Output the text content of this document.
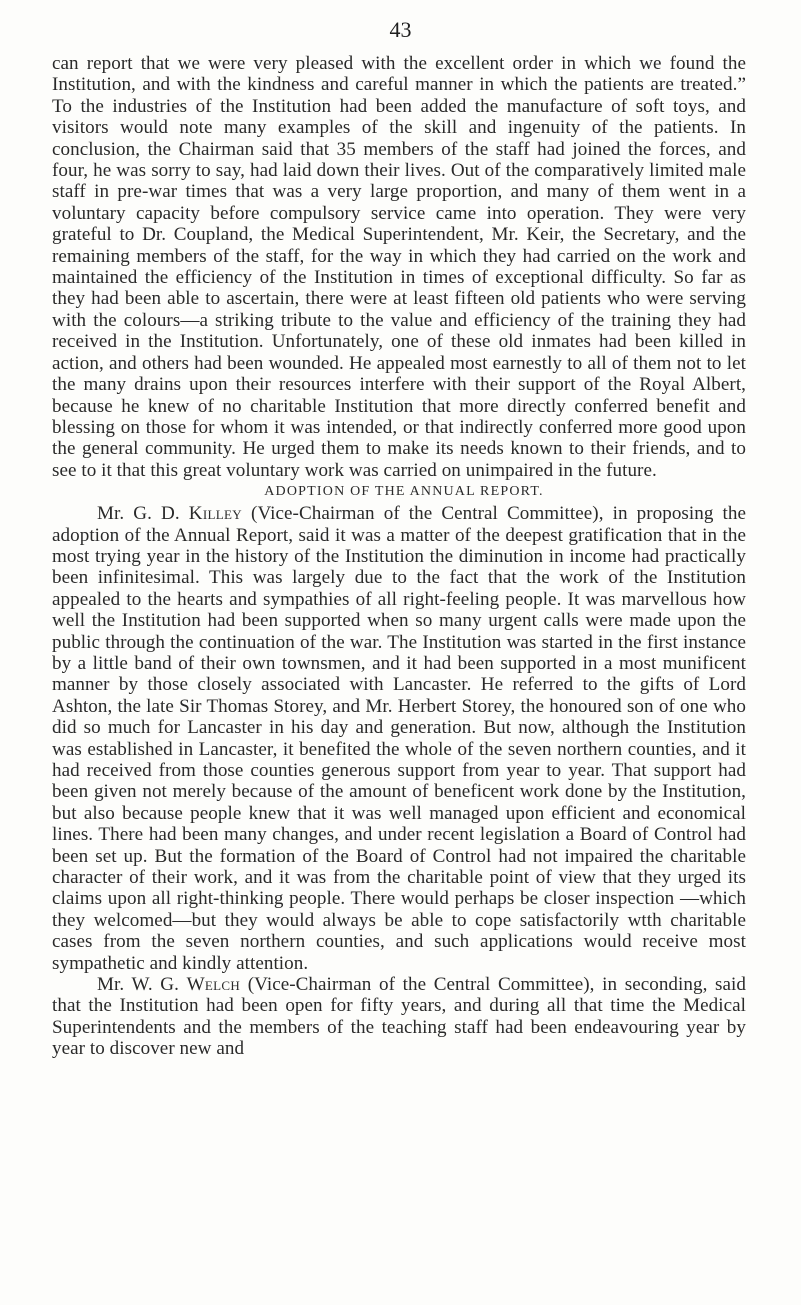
43

can report that we were very pleased with the excellent order in which we found the Institution, and with the kindness and careful manner in which the patients are treated.” To the industries of the Institution had been added the manufacture of soft toys, and visitors would note many examples of the skill and ingenuity of the patients. In conclusion, the Chairman said that 35 members of the staff had joined the forces, and four, he was sorry to say, had laid down their lives. Out of the comparatively limited male staff in pre-war times that was a very large proportion, and many of them went in a voluntary capacity before compulsory service came into operation. They were very grateful to Dr. Coupland, the Medical Superintendent, Mr. Keir, the Secretary, and the remaining members of the staff, for the way in which they had carried on the work and maintained the efficiency of the Institution in times of exceptional difficulty. So far as they had been able to ascertain, there were at least fifteen old patients who were serving with the colours—a striking tribute to the value and efficiency of the training they had received in the Institution. Unfortunately, one of these old inmates had been killed in action, and others had been wounded. He appealed most earnestly to all of them not to let the many drains upon their resources interfere with their support of the Royal Albert, because he knew of no charitable Institution that more directly conferred benefit and blessing on those for whom it was intended, or that indirectly conferred more good upon the general community. He urged them to make its needs known to their friends, and to see to it that this great voluntary work was carried on unimpaired in the future.

ADOPTION OF THE ANNUAL REPORT.

Mr. G. D. Killey (Vice-Chairman of the Central Committee), in proposing the adoption of the Annual Report, said it was a matter of the deepest gratification that in the most trying year in the history of the Institution the diminution in income had practically been infinitesimal. This was largely due to the fact that the work of the Institution appealed to the hearts and sympathies of all right-feeling people. It was marvellous how well the Institution had been supported when so many urgent calls were made upon the public through the continuation of the war. The Institution was started in the first instance by a little band of their own townsmen, and it had been supported in a most munificent manner by those closely associated with Lancaster. He referred to the gifts of Lord Ashton, the late Sir Thomas Storey, and Mr. Herbert Storey, the honoured son of one who did so much for Lancaster in his day and generation. But now, although the Institution was established in Lancaster, it benefited the whole of the seven northern counties, and it had received from those counties generous support from year to year. That support had been given not merely because of the amount of beneficent work done by the Institution, but also because people knew that it was well managed upon efficient and economical lines. There had been many changes, and under recent legislation a Board of Control had been set up. But the formation of the Board of Control had not impaired the charitable character of their work, and it was from the charitable point of view that they urged its claims upon all right-thinking people. There would perhaps be closer inspection —which they welcomed—but they would always be able to cope satisfactorily wtth charitable cases from the seven northern counties, and such applications would receive most sympathetic and kindly attention.

Mr. W. G. Welch (Vice-Chairman of the Central Committee), in seconding, said that the Institution had been open for fifty years, and during all that time the Medical Superintendents and the members of the teaching staff had been endeavouring year by year to discover new and
